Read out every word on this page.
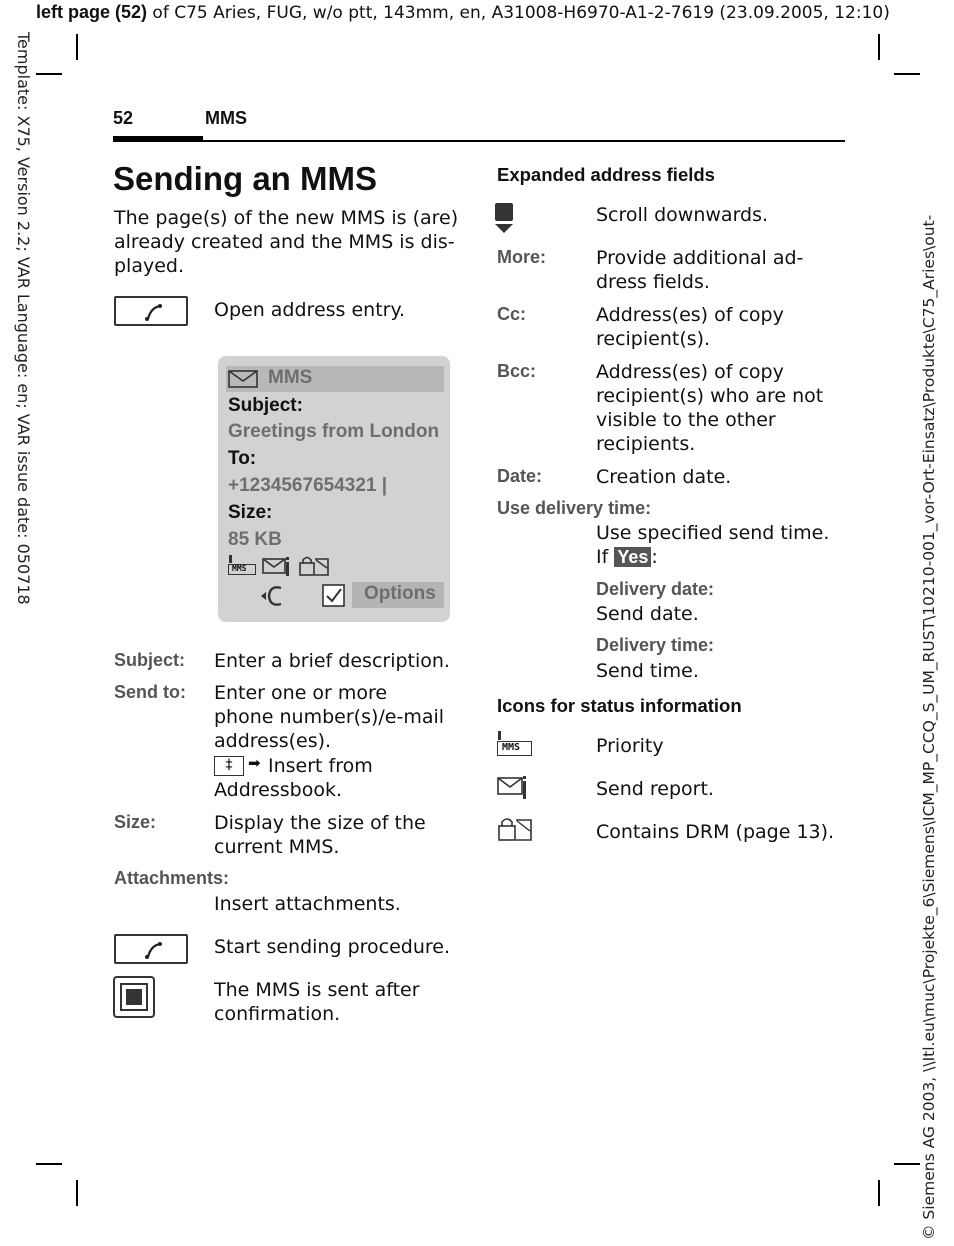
left page (52) of C75 Aries, FUG, w/o ptt, 143mm, en, A31008-H6970-A1-2-7619 (23.09.2005, 12:10)
Template: X75, Version 2.2; VAR Language: en; VAR issue date: 050718	© Siemens AG 2003, \\Itl.eu\muc\Projekte_6\Siemens\ICM_MP_CCQ_S_UM_RUST\10210-001_vor-Ort-Einsatz\Produkte\C75_Aries\out-
52	MMS
Sending an MMS
The page(s) of the new MMS is (are)
already created and the MMS is dis-
played.
Open address entry.
MMS
Subject:
Greetings from London
To:
+1234567654321 |
Size:
85 KB
MMS
Options
Subject: Enter a brief description.
Send to: Enter one or more
phone number(s)/e-mail
address(es).
‡	➡ Insert from
Addressbook.
Size:	Display the size of the
current MMS.
Attachments:
Insert attachments.
Start sending procedure.
The MMS is sent after
confirmation.
Expanded address fields
Scroll downwards.
More:	Provide additional ad-
dress fields.
Cc:	Address(es) of copy
recipient(s).
Bcc:	Address(es) of copy
recipient(s) who are not
visible to the other
recipients.
Date:	Creation date.
Use delivery time:
Use specified send time.
If Yes :
Delivery date:
Send date.
Delivery time:
Send time.
Icons for status information
MMS	Priority
Send report.
Contains DRM (page 13).
